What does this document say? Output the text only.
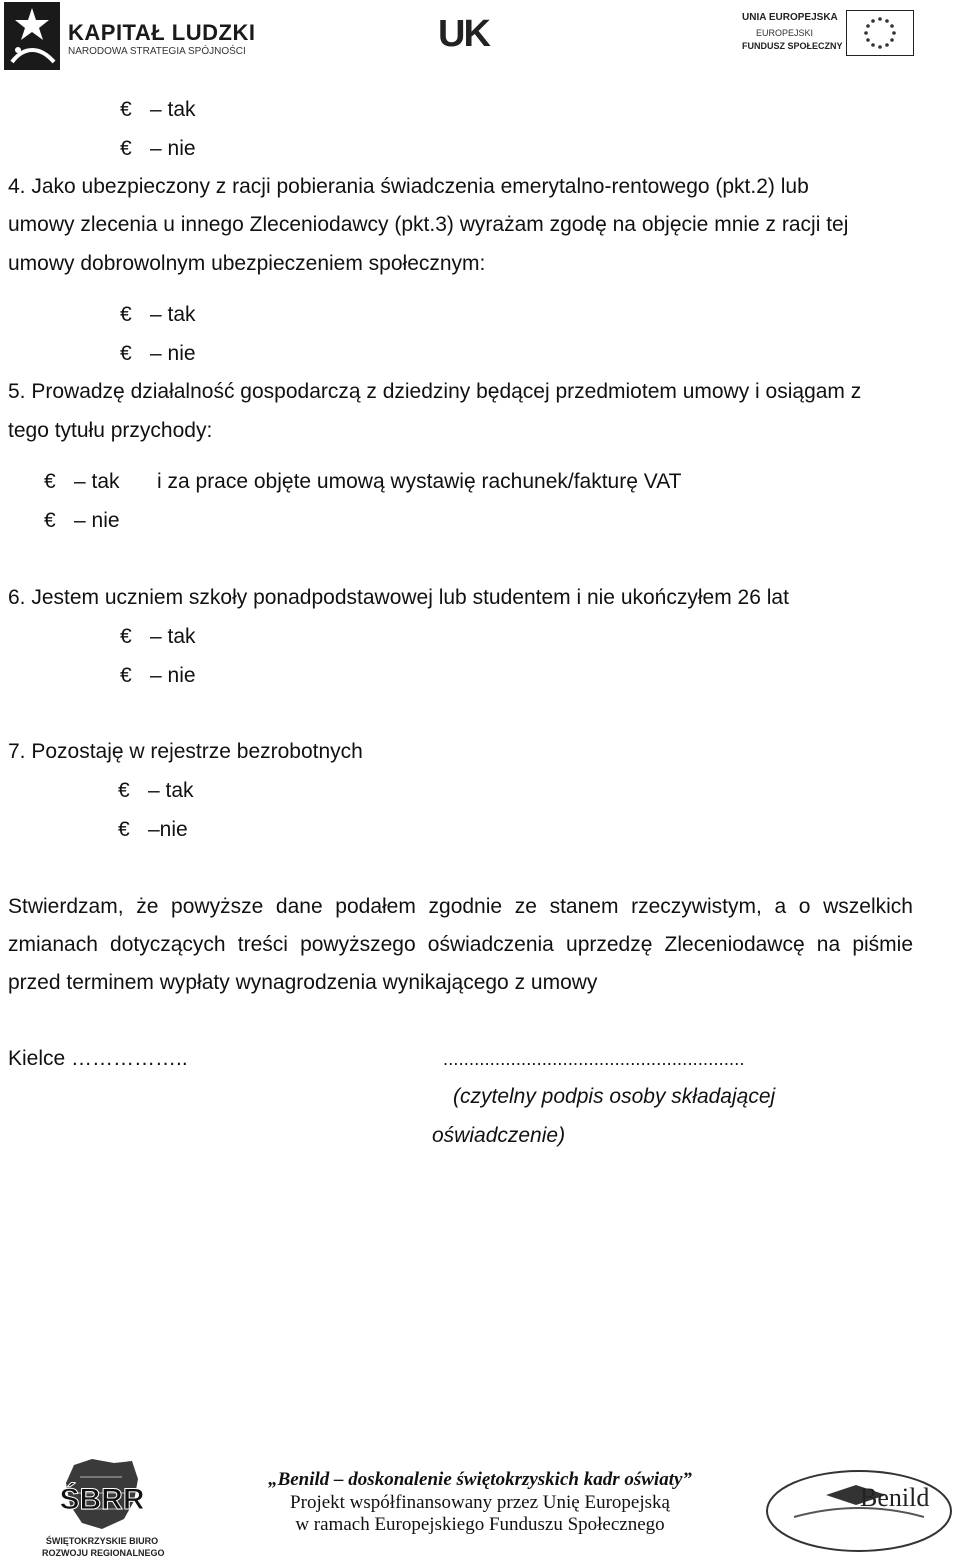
KAPITAŁ LUDZKI
NARODOWA STRATEGIA SPÓJNOŚCI	UK	UNIA EUROPEJSKA
EUROPEJSKI
FUNDUSZ SPOŁECZNY
€ – tak
€ – nie
4. Jako ubezpieczony z racji pobierania świadczenia emerytalno-rentowego (pkt.2) lub
umowy zlecenia u innego Zleceniodawcy (pkt.3) wyrażam zgodę na objęcie mnie z racji tej
umowy dobrowolnym ubezpieczeniem społecznym:
€ – tak
€ – nie
5. Prowadzę działalność gospodarczą z dziedziny będącej przedmiotem umowy i osiągam z
tego tytułu przychody:
€ – tak i za prace objęte umową wystawię rachunek/fakturę VAT
€ – nie
6. Jestem uczniem szkoły ponadpodstawowej lub studentem i nie ukończyłem 26 lat
€ – tak
€ – nie
7. Pozostaję w rejestrze bezrobotnych
€ – tak
€ –nie
Stwierdzam, że powyższe dane podałem zgodnie ze stanem rzeczywistym, a o wszelkich
zmianach dotyczących treści powyższego oświadczenia uprzedzę Zleceniodawcę na piśmie
przed terminem wypłaty wynagrodzenia wynikającego z umowy
Kielce ……………..	..........................................................
(czytelny podpis osoby składającej
oświadczenie)
ŚBRR
ŚWIĘTOKRZYSKIE BIURO
ROZWOJU REGIONALNEGO
„Benild – doskonalenie świętokrzyskich kadr oświaty”
Projekt współfinansowany przez Unię Europejską
w ramach Europejskiego Funduszu Społecznego
Benild
